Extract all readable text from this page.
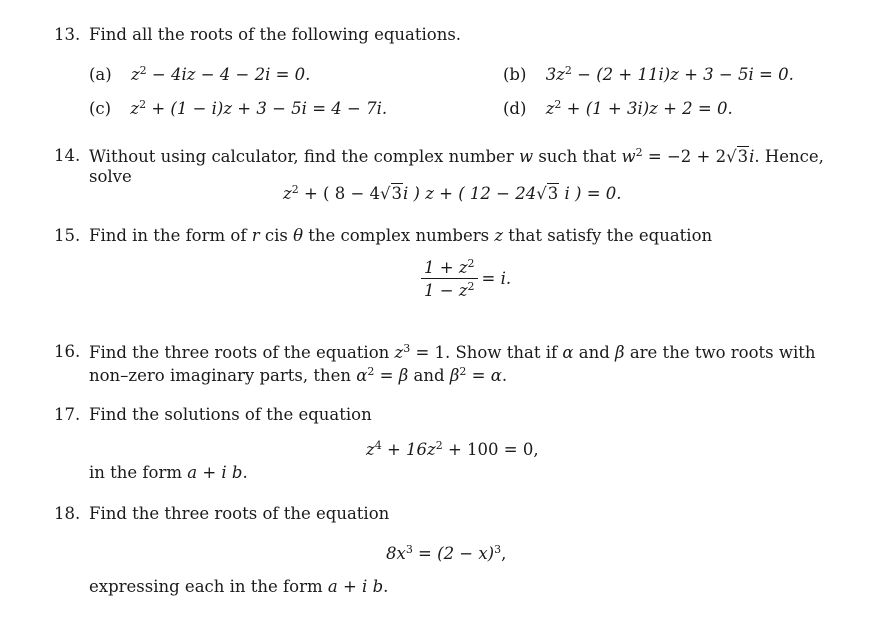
13. Find all the roots of the following equations.
(a) $z^2 - 4iz - 4 - 2i = 0$.	(b) $3z^2 - (2 + 11i)z + 3 - 5i = 0$.
(c) $z^2 + (1 - i)z + 3 - 5i = 4 - 7i$.	(d) $z^2 + (1 + 3i)z + 2 = 0$.
14. Without using calculator, find the complex number w such that $w^2 = -2 + 2√3i$. Hence,
solve
$z^2$ + ( 8 − 4√3i ) z + ( 12 − 24√3 i ) = 0.
15. Find in the form of r cis θ the complex numbers z that satisfy the equation
$\frac{1 + z^2}{1 - z^2} = i$.
16. Find the three roots of the equation $z^3 = 1$. Show that if α and β are the two roots with
non–zero imaginary parts, then $\alpha^2 = \beta$ and $\beta^2 = \alpha$.
17. Find the solutions of the equation
$z^4 + 16z^2 + 100 = 0$,
in the form a + i b.
18. Find the three roots of the equation
$8x^3 = (2 - x)^3$,
expressing each in the form a + i b.
